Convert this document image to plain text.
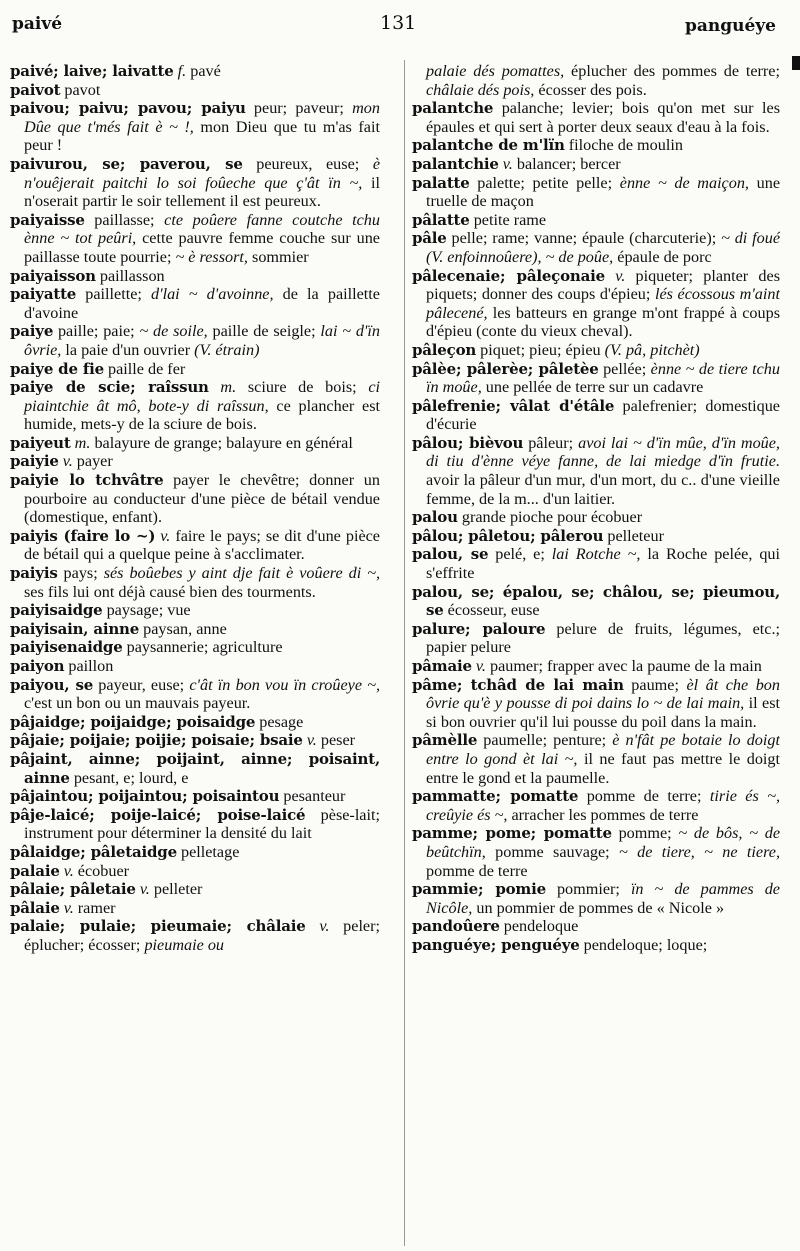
paivé	131	panguéye

paivé; laive; laivatte f. pavé

paivot pavot

paivou; paivu; pavou; paiyu peur; paveur; mon Dûe que t'més fait è ~ !, mon Dieu que tu m'as fait peur !

paivurou, se; paverou, se peureux, euse; è n'ouêjerait paitchi lo soi foûeche que ç'ât ïn ~, il n'oserait partir le soir tellement il est peureux.

paiyaisse paillasse; cte poûere fanne coutche tchu ènne ~ tot peûri, cette pauvre femme couche sur une paillasse toute pourrie; ~ è ressort, sommier

paiyaisson paillasson

paiyatte paillette; d'lai ~ d'avoinne, de la paillette d'avoine

paiye paille; paie; ~ de soile, paille de seigle; lai ~ d'ïn ôvrie, la paie d'un ouvrier (V. étrain)

paiye de fie paille de fer

paiye de scie; raîssun m. sciure de bois; ci piaintchie ât mô, bote-y di raîssun, ce plancher est humide, mets-y de la sciure de bois.

paiyeut m. balayure de grange; balayure en général

paiyie v. payer

paiyie lo tchvâtre payer le chevêtre; donner un pourboire au conducteur d'une pièce de bétail vendue (domestique, enfant).

paiyis (faire lo ~) v. faire le pays; se dit d'une pièce de bétail qui a quelque peine à s'acclimater.

paiyis pays; sés boûebes y aint dje fait è voûere di ~, ses fils lui ont déjà causé bien des tourments.

paiyisaidge paysage; vue

paiyisain, ainne paysan, anne

paiyisenaidge paysannerie; agriculture

paiyon paillon

paiyou, se payeur, euse; c'ât ïn bon vou ïn croûeye ~, c'est un bon ou un mauvais payeur.

pâjaidge; poijaidge; poisaidge pesage

pâjaie; poijaie; poijie; poisaie; bsaie v. peser

pâjaint, ainne; poijaint, ainne; poisaint, ainne pesant, e; lourd, e

pâjaintou; poijaintou; poisaintou pesanteur

pâje-laicé; poije-laicé; poise-laicé pèse-lait; instrument pour déterminer la densité du lait

pâlaidge; pâletaidge pelletage

palaie v. écobuer

pâlaie; pâletaie v. pelleter

pâlaie v. ramer

palaie; pulaie; pieumaie; châlaie v. peler; éplucher; écosser; pieumaie ou

palaie dés pomattes, éplucher des pommes de terre; châlaie dés pois, écosser des pois.

palantche palanche; levier; bois qu'on met sur les épaules et qui sert à porter deux seaux d'eau à la fois.

palantche de m'lïn filoche de moulin

palantchie v. balancer; bercer

palatte palette; petite pelle; ènne ~ de maiçon, une truelle de maçon

pâlatte petite rame

pâle pelle; rame; vanne; épaule (charcuterie); ~ di foué (V. enfoinnoûere), ~ de poûe, épaule de porc

pâlecenaie; pâleçonaie v. piqueter; planter des piquets; donner des coups d'épieu; lés écossous m'aint pâlecené, les batteurs en grange m'ont frappé à coups d'épieu (conte du vieux cheval).

pâleçon piquet; pieu; épieu (V. pâ, pitchèt)

pâlèe; pâlerèe; pâletèe pellée; ènne ~ de tiere tchu ïn moûe, une pellée de terre sur un cadavre

pâlefrenie; vâlat d'étâle palefrenier; domestique d'écurie

pâlou; bièvou pâleur; avoi lai ~ d'ïn mûe, d'ïn moûe, di tiu d'ènne véye fanne, de lai miedge d'ïn frutie. avoir la pâleur d'un mur, d'un mort, du c.. d'une vieille femme, de la m... d'un laitier.

palou grande pioche pour écobuer

pâlou; pâletou; pâlerou pelleteur

palou, se pelé, e; lai Rotche ~, la Roche pelée, qui s'effrite

palou, se; épalou, se; châlou, se; pieumou, se écosseur, euse

palure; paloure pelure de fruits, légumes, etc.; papier pelure

pâmaie v. paumer; frapper avec la paume de la main

pâme; tchâd de lai main paume; èl ât che bon ôvrie qu'è y pousse di poi dains lo ~ de lai main, il est si bon ouvrier qu'il lui pousse du poil dans la main.

pâmèlle paumelle; penture; è n'fât pe botaie lo doigt entre lo gond èt lai ~, il ne faut pas mettre le doigt entre le gond et la paumelle.

pammatte; pomatte pomme de terre; tirie és ~, creûyie és ~, arracher les pommes de terre

pamme; pome; pomatte pomme; ~ de bôs, ~ de beûtchïn, pomme sauvage; ~ de tiere, ~ ne tiere, pomme de terre

pammie; pomie pommier; ïn ~ de pammes de Nicôle, un pommier de pommes de « Nicole »

pandoûere pendeloque

panguéye; penguéye pendeloque; loque;
